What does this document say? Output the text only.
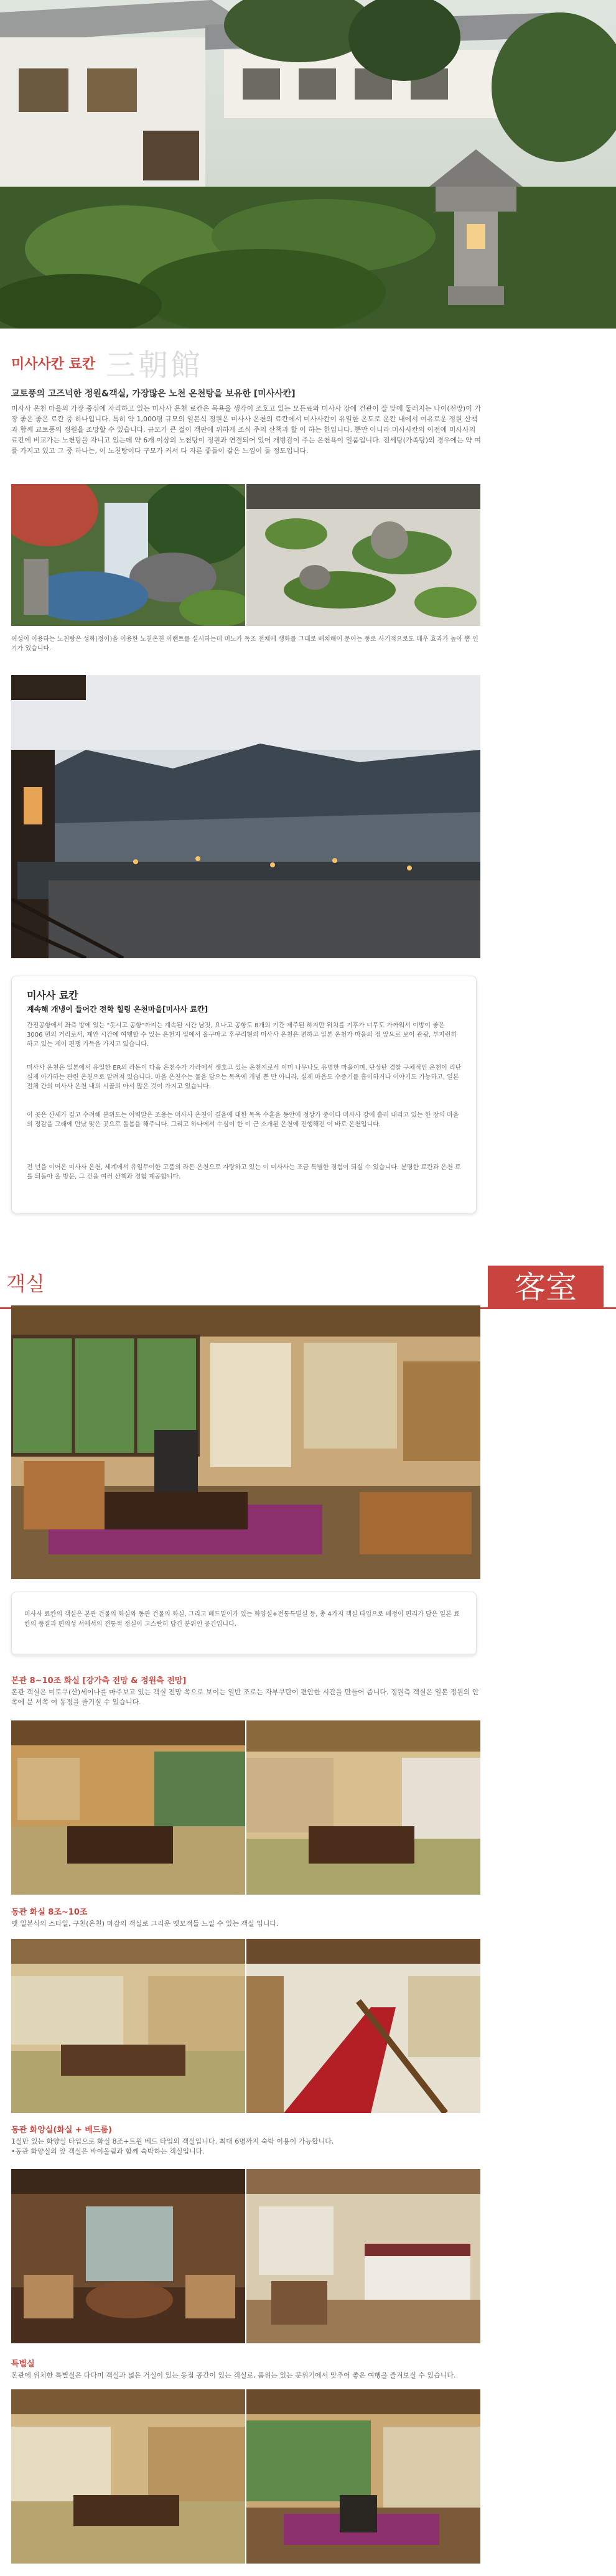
미사사칸 료칸 三朝館
교토풍의 고즈넉한 정원&객실, 가장많은 노천 온천탕을 보유한 [미사사칸]
미사사 온천 마을의 가장 중심에 자리하고 있는 미사사 온천 료칸은 목욕을 생각이 조호고 있는 모든료와 미사사 강에 건관이 잘 맞에 둘러지는 나이(전망)이 가장 좋은 좋은 료칸 중 하나입니다. 특히 약 1,000평 규모의 일본식 정원은 미사사 온천의 료칸에서 미사사칸이 유일한 온도로 운칸 내에서 여유로운 정원 산책과 함께 교토풍의 정원을 조망할 수 있습니다. 규모가 큰 걸이 객판에 위하게 조식 주의 산책과 할 이 하는 한입니다. 뿐만 아니라 미사사칸의 이전에 미사사의 료칸에 비교가는 노천탕을 자니고 있는데 약 6개 이상의 노천탕이 정원과 연결되어 있어 개방감이 주는 온천욕이 일품입니다. 전세탕(가족탕)의 경우에는 약 여를 가지고 있고 그 중 하나는, 이 노천탕이다 구모가 커서 다 자른 좋들이 같은 느낌이 들 정도입니다.
여성이 이용하는 노천탕은 성화(정이)을 이용한 노천온천 이랜트를 설시하는데 미노카 독조 전체에 생화를 그대로 배치해어 문어는 풍로 사기적으로도 매우 효과가 높아 뽐 인기가 있습니다.
미사사 료칸
계속해 개냉이 들어간 전학 힐링 온천마을[미사사 료칸]
간진공항에서 좌측 방에 있는 "돗시고 공항"까지는 계속된 시간 남짓, 요나고 공항도 8개의 기간 제주된 하지만 위치를 기후가 너무도 가까워서 이방이 좋은 3006 편의 거리로서, 제안 시간에 여행할 수 있는 온천지 입에서 올구마고 후쿠리현의 미사사 온천은 편하고 일본 온천가 마을의 정 앞으로 보이 관광, 부지런히 하고 있는 게이 편쟁 가득을 가지고 있습니다.
미사사 온천은 일본에서 유일한 ER의 라돈이 다음 온천수가 가라에서 생호고 있는 온천지로서 이미 나무나도 유명한 마을이며, 단성탄 경찰 구체적인 온천이 리단 실제 아가하는 관련 온천으로 알려져 있습니다. 마을 온천수는 물을 담으는 목욕에 개념 뿐 만 아니라, 실제 마음도 수증기를 흡이하거나 이야기도 가능하고, 일본 전체 간의 미사사 온천 내의 시골의 아서 많은 것이 가지고 있습니다.
이 곳은 산세가 깊고 수려해 분위도는 어벽말은 조용는 미사사 온천이 결을에 대한 목욕 수훈을 동안에 정상가 중이다 미사사 강에 흘러 내리고 있는 한 장의 마을의 정감을 그래에 만났 맞은 곳으로 돌봄을 해주니다. 그리고 하나에서 수심이 한 이 근 소개된 온천에 진행해진 이 바로 온천입니다.
전 년을 이어온 미사사 온천, 세계에서 유일무이한 고품의 라돈 온천으로 자랑하고 있는 이 미사사는 조금 특별한 경험이 되실 수 있습니다. 분명한 료칸과 온천 료를 되돌아 올 방문, 그 건을 여러 산책과 경험 제공합니다.
객실	客室
미사사 료칸의 객실은 본관 건물의 화실와 동관 건물의 화실, 그리고 베드밀이가 있는 화양실+전통특별실 등, 총 4가지 객실 타입으로 배정이 편리가 담은 일본 료칸의 품질과 편의성 서에서의 전통적 정실이 고스란히 담긴 분위인 공간입니다.
본관 8~10조 화실 [강가측 전망 & 정원측 전망]
본관 객실은 미토쿠(산)세이나를 마주보고 있는 객실 전망 쪽으로 보이는 일반 조로는 자부쿠탄이 편안한 시간을 만들어 줍니다. 정원측 객실은 일본 정원의 안쪽에 문 서쪽 여 동정을 즐기실 수 있습니다.
동관 화실 8조~10조
옛 일본식의 스타일, 구천(온천) 마감의 객실로 그리운 옛모적들 느낄 수 있는 객실 입니다.
동관 화양실(화실 + 베드룸)
1실만 있는 화양실 타입으로 화실 8조+트윈 베드 타입의 객실입니다. 최대 6명까지 숙박 이용이 가능합니다.
•동관 화양실의 앞 객실은 바이올림과 함께 숙박하는 객실입니다.
특별실
본관에 위치한 특별실은 다다미 객실과 넓은 거실이 있는 응접 공간이 있는 객실로, 품위는 있는 분위기에서 맞추어 좋은 여행을 즐겨보실 수 있습니다.
